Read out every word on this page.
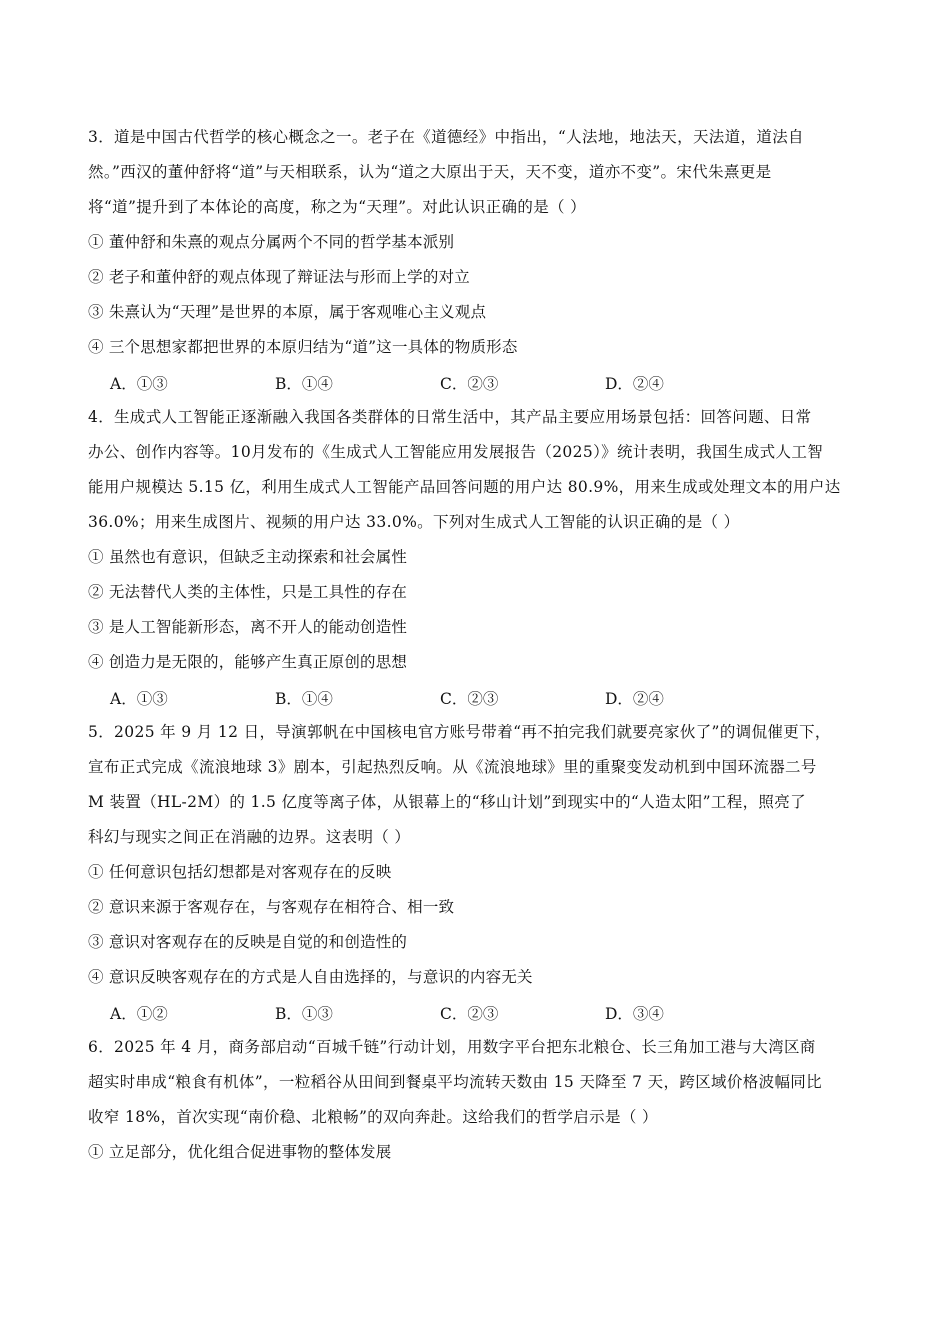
3．道是中国古代哲学的核心概念之一。老子在《道德经》中指出，“人法地，地法天，天法道，道法自
然。”西汉的董仲舒将“道”与天相联系，认为“道之大原出于天，天不变，道亦不变”。宋代朱熹更是
将“道”提升到了本体论的高度，称之为“天理”。对此认识正确的是（ ）
① 董仲舒和朱熹的观点分属两个不同的哲学基本派别
② 老子和董仲舒的观点体现了辩证法与形而上学的对立
③ 朱熹认为“天理”是世界的本原，属于客观唯心主义观点
④ 三个思想家都把世界的本原归结为“道”这一具体的物质形态
A．①③	B．①④	C．②③	D．②④
4．生成式人工智能正逐渐融入我国各类群体的日常生活中，其产品主要应用场景包括：回答问题、日常
办公、创作内容等。10月发布的《生成式人工智能应用发展报告（2025）》统计表明，我国生成式人工智
能用户规模达 5.15 亿，利用生成式人工智能产品回答问题的用户达 80.9%，用来生成或处理文本的用户达
36.0%；用来生成图片、视频的用户达 33.0%。下列对生成式人工智能的认识正确的是（ ）
① 虽然也有意识，但缺乏主动探索和社会属性
② 无法替代人类的主体性，只是工具性的存在
③ 是人工智能新形态，离不开人的能动创造性
④ 创造力是无限的，能够产生真正原创的思想
A．①③	B．①④	C．②③	D．②④
5．2025 年 9 月 12 日，导演郭帆在中国核电官方账号带着“再不拍完我们就要亮家伙了”的调侃催更下，
宣布正式完成《流浪地球 3》剧本，引起热烈反响。从《流浪地球》里的重聚变发动机到中国环流器二号
M 装置（HL-2M）的 1.5 亿度等离子体，从银幕上的“移山计划”到现实中的“人造太阳”工程，照亮了
科幻与现实之间正在消融的边界。这表明（ ）
① 任何意识包括幻想都是对客观存在的反映
② 意识来源于客观存在，与客观存在相符合、相一致
③ 意识对客观存在的反映是自觉的和创造性的
④ 意识反映客观存在的方式是人自由选择的，与意识的内容无关
A．①②	B．①③	C．②③	D．③④
6．2025 年 4 月，商务部启动“百城千链”行动计划，用数字平台把东北粮仓、长三角加工港与大湾区商
超实时串成“粮食有机体”，一粒稻谷从田间到餐桌平均流转天数由 15 天降至 7 天，跨区域价格波幅同比
收窄 18%，首次实现“南价稳、北粮畅”的双向奔赴。这给我们的哲学启示是（ ）
① 立足部分，优化组合促进事物的整体发展
